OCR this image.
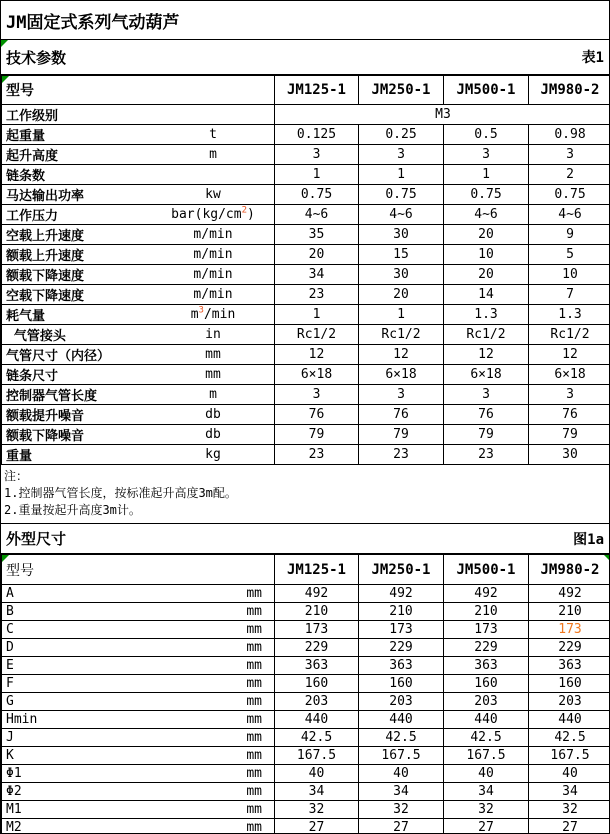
JM固定式系列气动葫芦
技术参数	表1
型号	JM125-1	JM250-1	JM500-1	JM980-2

工作级别	M3			

起重量 t	0.125	0.25	0.5	0.98

起升高度 m	3	3	3	3

链条数	1	1	1	2

马达输出功率 kw	0.75	0.75	0.75	0.75

工作压力 $bar(kg/cm^2)$	4~6	4~6	4~6	4~6

空载上升速度 m/min	35	30	20	9

额载上升速度 m/min	20	15	10	5

额载下降速度 m/min	34	30	20	10

空载下降速度 m/min	23	20	14	7

耗气量 $m^3/\min$	1	1	1.3	1.3

气管接头 in	Rc1/2	Rc1/2	Rc1/2	Rc1/2

气管尺寸（内径） mm	12	12	12	12

链条尺寸 mm	6×18	6×18	6×18	6×18

控制器气管长度 m	3	3	3	3

额载提升噪音 db	76	76	76	76

额载下降噪音 db	79	79	79	79

重量 kg	23	23	23	30
注：
1.控制器气管长度，按标准起升高度3m配。
2.重量按起升高度3m计。
外型尺寸	图1a
型号	JM125-1	JM250-1	JM500-1	JM980-2

A mm	492	492	492	492

B mm	210	210	210	210

C mm	173	173	173	173

D mm	229	229	229	229

E mm	363	363	363	363

F mm	160	160	160	160

G mm	203	203	203	203

Hmin mm	440	440	440	440

J mm	42.5	42.5	42.5	42.5

K mm	167.5	167.5	167.5	167.5

Φ1 mm	40	40	40	40

Φ2 mm	34	34	34	34

M1 mm	32	32	32	32

M2 mm	27	27	27	27
